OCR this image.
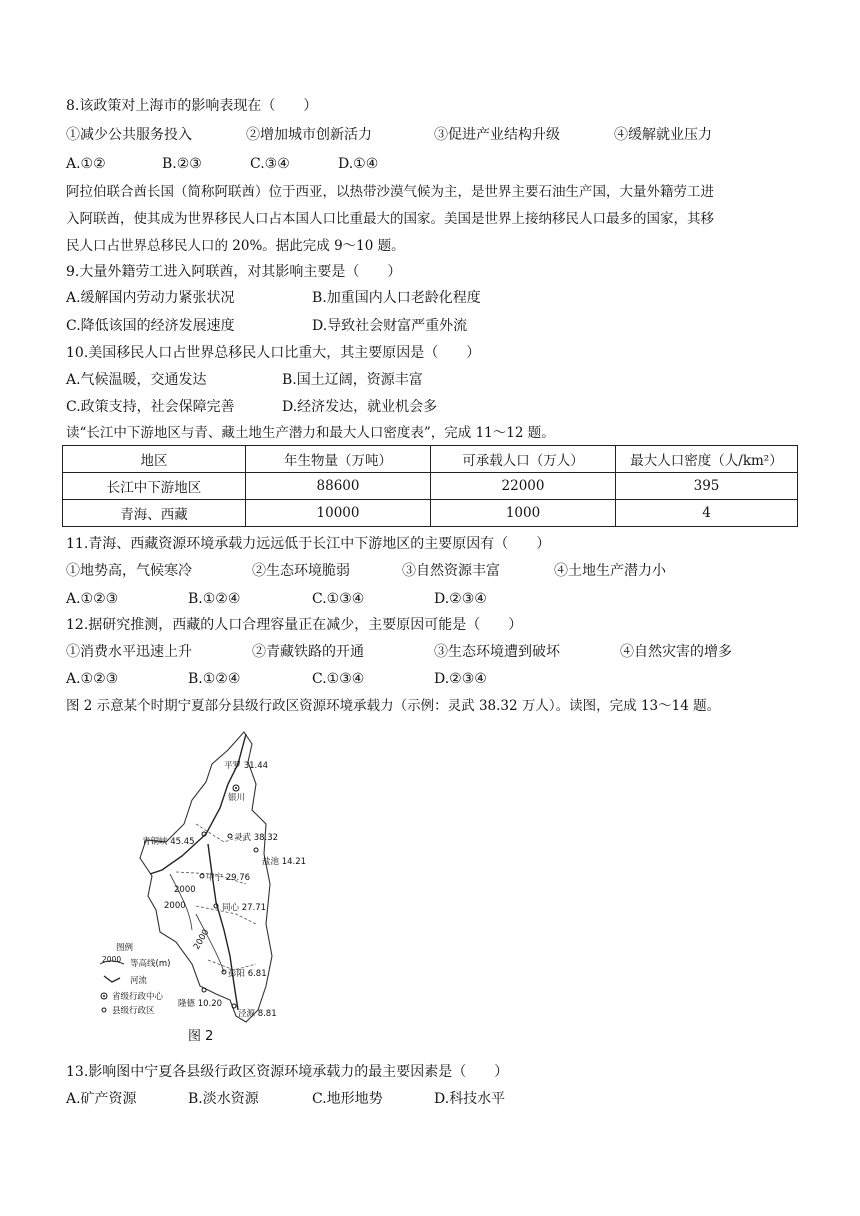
8.该政策对上海市的影响表现在（　　）
①减少公共服务投入	②增加城市创新活力	③促进产业结构升级	④缓解就业压力
A.①②	B.②③	C.③④	D.①④
阿拉伯联合酋长国（简称阿联酋）位于西亚，以热带沙漠气候为主，是世界主要石油生产国，大量外籍劳工进
入阿联酋，使其成为世界移民人口占本国人口比重最大的国家。美国是世界上接纳移民人口最多的国家，其移
民人口占世界总移民人口的 20%。据此完成 9～10 题。
9.大量外籍劳工进入阿联酋，对其影响主要是（　　）
A.缓解国内劳动力紧张状况	B.加重国内人口老龄化程度
C.降低该国的经济发展速度	D.导致社会财富严重外流
10.美国移民人口占世界总移民人口比重大，其主要原因是（　　）
A.气候温暖，交通发达	B.国土辽阔，资源丰富
C.政策支持，社会保障完善	D.经济发达，就业机会多
读“长江中下游地区与青、藏土地生产潜力和最大人口密度表”，完成 11～12 题。
地区	年生物量（万吨）	可承载人口（万人）	最大人口密度（人/km²）
长江中下游地区	88600	22000	395
青海、西藏	10000	1000	4
11.青海、西藏资源环境承载力远远低于长江中下游地区的主要原因有（　　）
①地势高，气候寒冷	②生态环境脆弱	③自然资源丰富	④土地生产潜力小
A.①②③	B.①②④	C.①③④	D.②③④
12.据研究推测，西藏的人口合理容量正在减少，主要原因可能是（　　）
①消费水平迅速上升	②青藏铁路的开通	③生态环境遭到破坏	④自然灾害的增多
A.①②③	B.①②④	C.①③④	D.②③④
图 2 示意某个时期宁夏部分县级行政区资源环境承载力（示例：灵武 38.32 万人）。读图，完成 13～14 题。
平罗 31.44
银川
青铜峡 45.45	灵武 38.32
盐池 14.21
中宁 29.76
同心 27.71
2000
2000
2000
彭阳 6.81
隆德 10.20
泾源 8.81
图例
2000 等高线(m)
河流
省级行政中心
县级行政区
图 2
13.影响图中宁夏各县级行政区资源环境承载力的最主要因素是（　　）
A.矿产资源	B.淡水资源	C.地形地势	D.科技水平
